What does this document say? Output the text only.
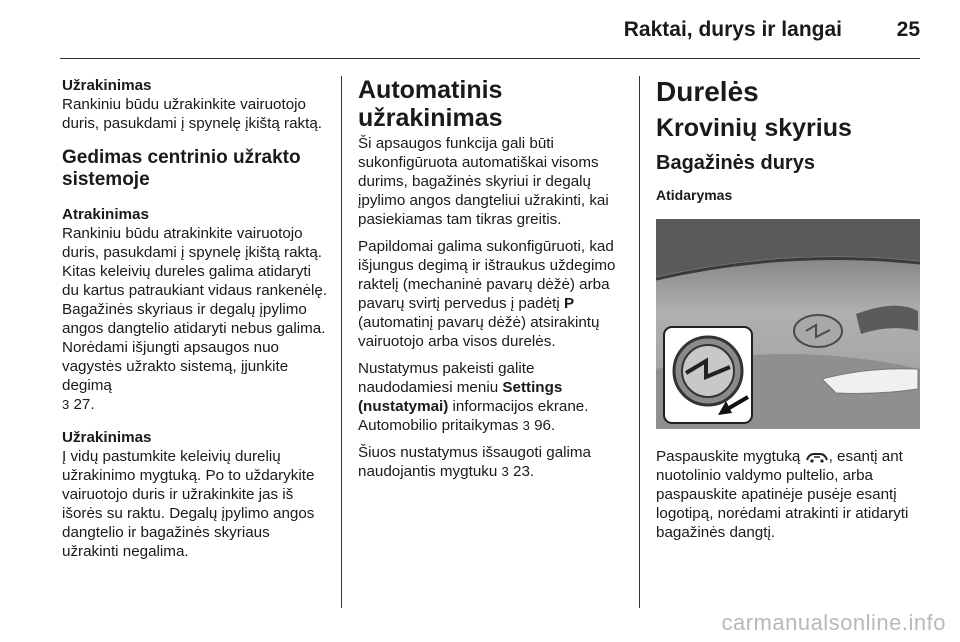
Raktai, durys ir langai	25
Užrakinimas

Rankiniu būdu užrakinkite vairuotojo duris, pasukdami į spynelę įkištą raktą.

Gedimas centrinio užrakto sistemoje
Atrakinimas

Rankiniu būdu atrakinkite vairuotojo duris, pasukdami į spynelę įkištą raktą. Kitas keleivių dureles galima atidaryti du kartus patraukiant vidaus rankenėlę. Bagažinės skyriaus ir degalų įpylimo angos dangtelio atidaryti nebus galima. Norėdami išjungti apsaugos nuo vagystės užrakto sistemą, įjunkite degimą
3 27.

Užrakinimas

Į vidų pastumkite keleivių durelių užrakinimo mygtuką. Po to uždarykite vairuotojo duris ir užrakinkite jas iš išorės su raktu. Degalų įpylimo angos dangtelio ir bagažinės skyriaus užrakinti negalima.

Automatinis užrakinimas

Ši apsaugos funkcija gali būti sukonfigūruota automatiškai visoms durims, bagažinės skyriui ir degalų įpylimo angos dangteliui užrakinti, kai pasiekiamas tam tikras greitis.

Papildomai galima sukonfigūruoti, kad išjungus degimą ir ištraukus uždegimo raktelį (mechaninė pavarų dėžė) arba pavarų svirtį pervedus į padėtį P (automatinį pavarų dėžė) atsirakintų vairuotojo arba visos durelės.

Nustatymus pakeisti galite naudodamiesi meniu Settings (nustatymai) informacijos ekrane. Automobilio pritaikymas 3 96.

Šiuos nustatymus išsaugoti galima naudojantis mygtuku 3 23.

Durelės
Krovinių skyrius
Bagažinės durys
Atidarymas

Paspauskite mygtuką , esantį ant nuotolinio valdymo pultelio, arba paspauskite apatinėje pusėje esantį logotipą, norėdami atrakinti ir atidaryti bagažinės dangtį.

carmanualsonline.info
